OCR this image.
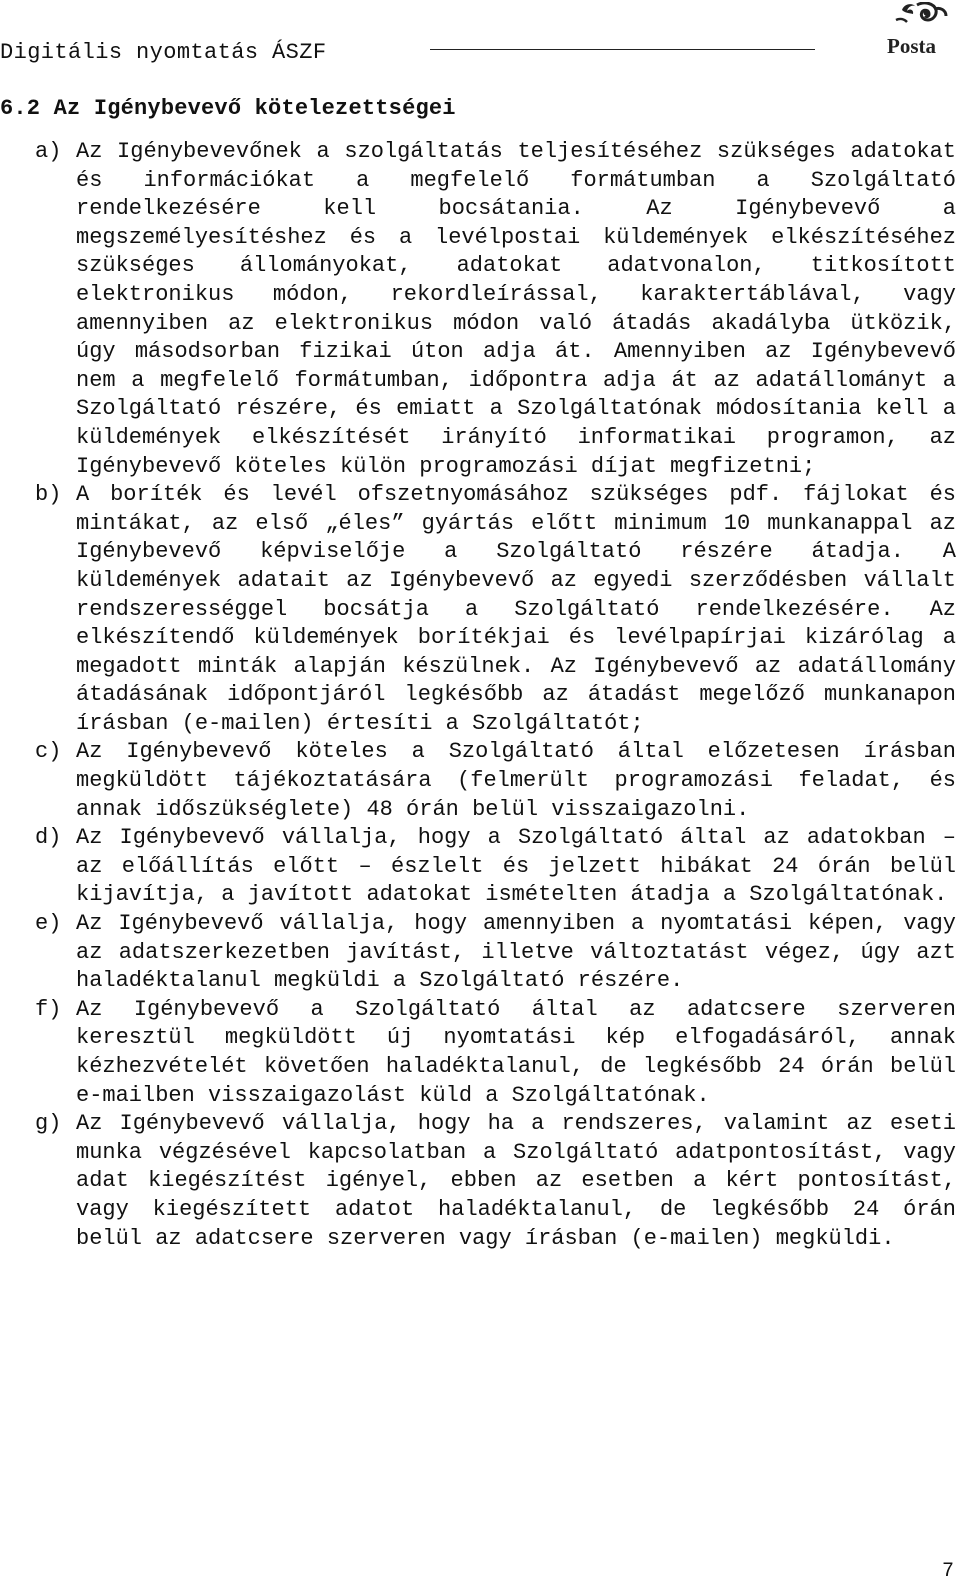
Digitális nyomtatás ÁSZF	Posta
6.2 Az Igénybevevő kötelezettségei
a) Az Igénybevevőnek a szolgáltatás teljesítéséhez szükséges adatokat és információkat a megfelelő formátumban a Szolgáltató rendelkezésére kell bocsátania. Az Igénybevevő a megszemélyesítéshez és a levélpostai küldemények elkészítéséhez szükséges állományokat, adatokat adatvonalon, titkosított elektronikus módon, rekordleírással, karaktertáblával, vagy amennyiben az elektronikus módon való átadás akadályba ütközik, úgy másodsorban fizikai úton adja át. Amennyiben az Igénybevevő nem a megfelelő formátumban, időpontra adja át az adatállományt a Szolgáltató részére, és emiatt a Szolgáltatónak módosítania kell a küldemények elkészítését irányító informatikai programon, az Igénybevevő köteles külön programozási díjat megfizetni;
b) A boríték és levél ofszetnyomásához szükséges pdf. fájlokat és mintákat, az első „éles” gyártás előtt minimum 10 munkanappal az Igénybevevő képviselője a Szolgáltató részére átadja. A küldemények adatait az Igénybevevő az egyedi szerződésben vállalt rendszerességgel bocsátja a Szolgáltató rendelkezésére. Az elkészítendő küldemények borítékjai és levélpapírjai kizárólag a megadott minták alapján készülnek. Az Igénybevevő az adatállomány átadásának időpontjáról legkésőbb az átadást megelőző munkanapon írásban (e-mailen) értesíti a Szolgáltatót;
c) Az Igénybevevő köteles a Szolgáltató által előzetesen írásban megküldött tájékoztatására (felmerült programozási feladat, és annak időszükséglete) 48 órán belül visszaigazolni.
d) Az Igénybevevő vállalja, hogy a Szolgáltató által az adatokban – az előállítás előtt – észlelt és jelzett hibákat 24 órán belül kijavítja, a javított adatokat ismételten átadja a Szolgáltatónak.
e) Az Igénybevevő vállalja, hogy amennyiben a nyomtatási képen, vagy az adatszerkezetben javítást, illetve változtatást végez, úgy azt haladéktalanul megküldi a Szolgáltató részére.
f) Az Igénybevevő a Szolgáltató által az adatcsere szerveren keresztül megküldött új nyomtatási kép elfogadásáról, annak kézhezvételét követően haladéktalanul, de legkésőbb 24 órán belül e-mailben visszaigazolást küld a Szolgáltatónak.
g) Az Igénybevevő vállalja, hogy ha a rendszeres, valamint az eseti munka végzésével kapcsolatban a Szolgáltató adatpontosítást, vagy adat kiegészítést igényel, ebben az esetben a kért pontosítást, vagy kiegészített adatot haladéktalanul, de legkésőbb 24 órán belül az adatcsere szerveren vagy írásban (e-mailen) megküldi.
7
